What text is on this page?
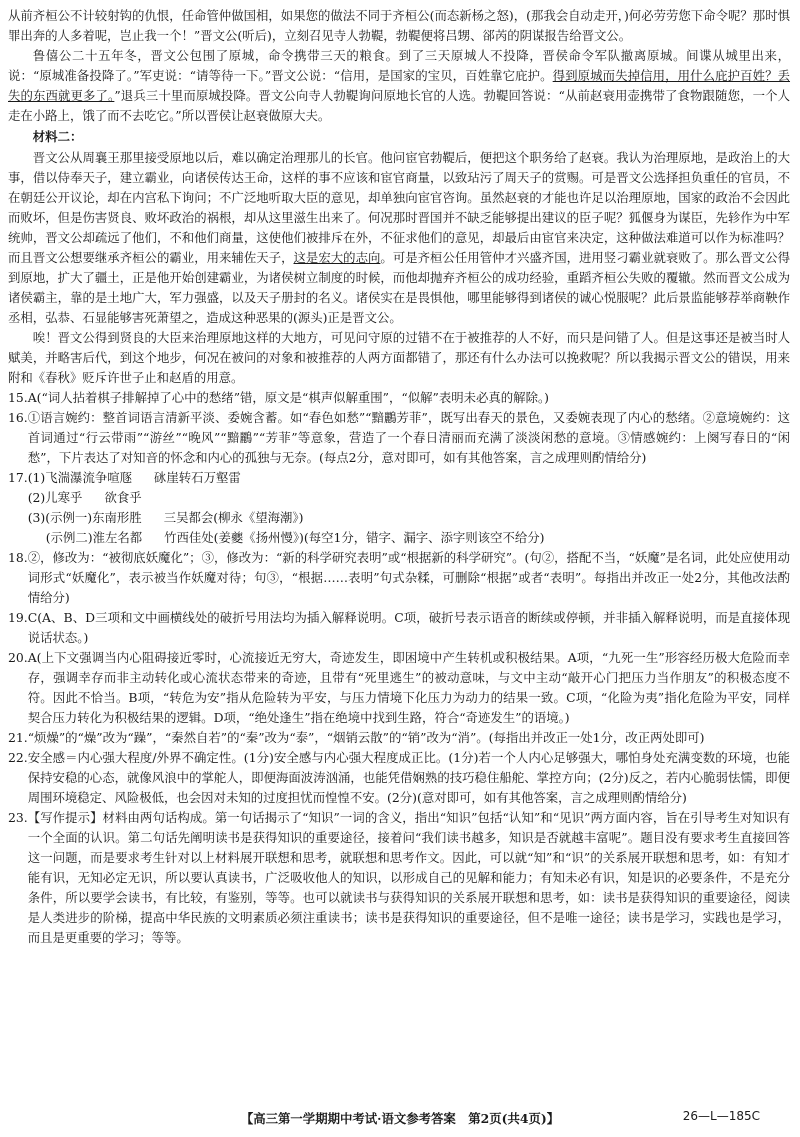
从前齐桓公不计较射钩的仇恨，任命管仲做国相，如果您的做法不同于齐桓公(而态新杨之怒)，(那我会自动走开，)何必劳劳您下命令呢？那时惧罪出奔的人多着呢，岂止我一个！”晋文公(听后)，立刻召见寺人勃鞮，勃鞮便将吕甥、郤芮的阴谋报告给晋文公。

鲁僖公二十五年冬，晋文公包围了原城，命令携带三天的粮食。到了三天原城人不投降，晋侯命令军队撤离原城。间谍从城里出来，说：“原城准备投降了。”军吏说：“请等待一下。”晋文公说：“信用，是国家的宝贝，百姓靠它庇护。得到原城而失掉信用，用什么庇护百姓？丢失的东西就更多了。”退兵三十里而原城投降。晋文公向寺人勃鞮询问原地长官的人选。勃鞮回答说：“从前赵衰用壶携带了食物跟随您，一个人走在小路上，饿了而不去吃它。”所以晋侯让赵衰做原大夫。

材料二：

晋文公从周襄王那里接受原地以后，难以确定治理那儿的长官。他问宦官勃鞮后，便把这个职务给了赵衰。我认为治理原地，是政治上的大事，借以侍奉天子，建立霸业，向诸侯传达王命，这样的事不应该和宦官商量，以致玷污了周天子的赏赐。可是晋文公选择担负重任的官员，不在朝廷公开议论，却在内宫私下询问；不广泛地听取大臣的意见，却单独向宦官咨询。虽然赵衰的才能也许足以治理原地，国家的政治不会因此而败坏，但是伤害贤良、败坏政治的祸根，却从这里滋生出来了。何况那时晋国并不缺乏能够提出建议的臣子呢？狐偃身为谋臣，先轸作为中军统帅，晋文公却疏远了他们，不和他们商量，这使他们被排斥在外，不征求他们的意见，却最后由宦官来决定，这种做法难道可以作为标准吗？而且晋文公想要继承齐桓公的霸业，用来辅佐天子，这是宏大的志向。可是齐桓公任用管仲才兴盛齐国，进用竖刁霸业就衰败了。那么晋文公得到原地，扩大了疆土，正是他开始创建霸业，为诸侯树立制度的时候，而他却抛弃齐桓公的成功经验，重蹈齐桓公失败的覆辙。然而晋文公成为诸侯霸主，靠的是土地广大，军力强盛，以及天子册封的名义。诸侯实在是畏惧他，哪里能够得到诸侯的诚心悦服呢？此后景监能够荐举商鞅作丞相，弘恭、石显能够害死萧望之，造成这种恶果的(源头)正是晋文公。

唉！晋文公得到贤良的大臣来治理原地这样的大地方，可见问守原的过错不在于被推荐的人不好，而只是问错了人。但是这事还是被当时人赋美，并略害后代，到这个地步，何况在被问的对象和被推荐的人两方面都错了，那还有什么办法可以挽救呢？所以我揭示晋文公的错误，用来附和《春秋》贬斥许世子止和赵盾的用意。

15. A(“词人拈着棋子排解掉了心中的愁绪”错，原文是“棋声似解重围”，“似解”表明未必真的解除。)
16. ①语言婉约：整首词语言清新平淡、委婉含蓄。如“春色如愁”“黯鸝芳菲”，既写出春天的景色，又委婉表现了内心的愁绪。②意境婉约：这首词通过“行云带雨”“游丝”“晚风”“黯鸝”“芳菲”等意象，营造了一个春日清丽而充满了淡淡闲愁的意境。③情感婉约：上阕写春日的“闲愁”，下片表达了对知音的怀念和内心的孤独与无奈。(每点2分，意对即可，如有其他答案，言之成理则酌情给分)
17. (1)飞湍瀑流争喧豗 砯崖转石万壑雷
(2)儿寒乎 欲食乎
(3)(示例一)东南形胜 三吴都会(柳永《望海潮》)
(示例二)淮左名都 竹西佳处(姜夔《扬州慢》)(每空1分，错字、漏字、添字则该空不给分)
18. ②，修改为：“被彻底妖魔化”；③，修改为：“新的科学研究表明”或“根据新的科学研究”。(句②，搭配不当，“妖魔”是名词，此处应使用动词形式“妖魔化”，表示被当作妖魔对待；句③，“根据……表明”句式杂糅，可删除“根据”或者“表明”。每指出并改正一处2分，其他改法酌情给分)
19. C(A、B、D三项和文中画横线处的破折号用法均为插入解释说明。C项，破折号表示语音的断续或停顿，并非插入解释说明，而是直接体现说话状态。)
20. A(上下文强调当内心阻碍接近零时，心流接近无穷大，奇迹发生，即困境中产生转机或积极结果。A项，“九死一生”形容经历极大危险而幸存，强调幸存而非主动转化或心流状态带来的奇迹，且带有“死里逃生”的被动意味，与文中主动“敲开心门把压力当作朋友”的积极态度不符。因此不恰当。B项，“转危为安”指从危险转为平安，与压力情境下化压力为动力的结果一致。C项，“化险为夷”指化危险为平安，同样契合压力转化为积极结果的逻辑。D项，“绝处逢生”指在绝境中找到生路，符合“奇迹发生”的语境。)
21. “烦燥”的“燥”改为“躁”，“秦然自若”的“秦”改为“泰”，“烟销云散”的“销”改为“消”。(每指出并改正一处1分，改正两处即可)
22. 安全感＝内心强大程度/外界不确定性。(1分)安全感与内心强大程度成正比。(1分)若一个人内心足够强大，哪怕身处充满变数的环境，也能保持安稳的心态，就像风浪中的掌舵人，即便海面波涛汹涌，也能凭借娴熟的技巧稳住船舵、掌控方向；(2分)反之，若内心脆弱怯懦，即便周围环境稳定、风险极低，也会因对未知的过度担忧而惶惶不安。(2分)(意对即可，如有其他答案，言之成理则酌情给分)
23. 【写作提示】材料由两句话构成。第一句话揭示了“知识”一词的含义，指出“知识”包括“认知”和“见识”两方面内容，旨在引导考生对知识有一个全面的认识。第二句话先阐明读书是获得知识的重要途径，接着问“我们读书越多，知识是否就越丰富呢”。题目没有要求考生直接回答这一问题，而是要求考生针对以上材料展开联想和思考，就联想和思考作文。因此，可以就“知”和“识”的关系展开联想和思考，如：有知才能有识，无知必定无识，所以要认真读书，广泛吸收他人的知识，以形成自己的见解和能力；有知未必有识，知是识的必要条件，不是充分条件，所以要学会读书，有比较，有鉴别，等等。也可以就读书与获得知识的关系展开联想和思考，如：读书是获得知识的重要途径，阅读是人类进步的阶梯，提高中华民族的文明素质必须注重读书；读书是获得知识的重要途径，但不是唯一途径；读书是学习，实践也是学习，而且是更重要的学习；等等。
【高三第一学期期中考试·语文参考答案　第2页(共4页)】	26—L—185C
